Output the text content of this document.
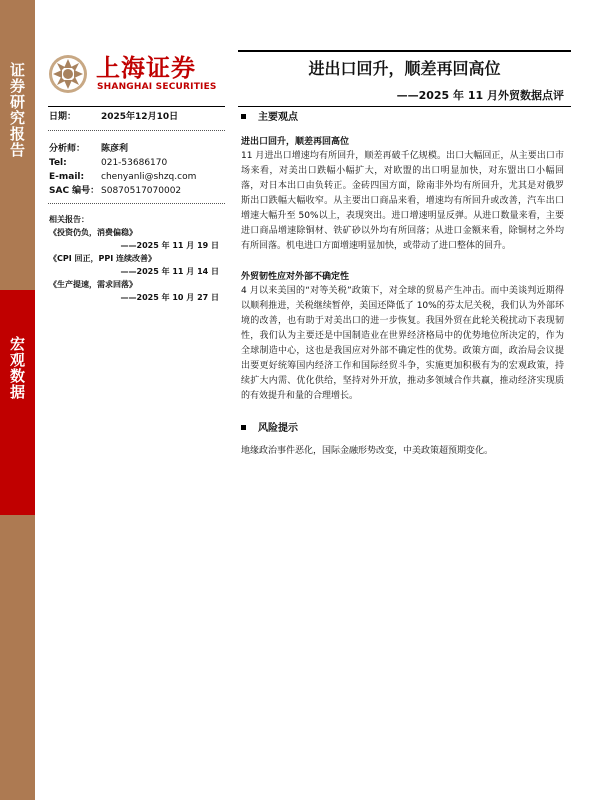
证券研究报告
宏观数据
上海证券
SHANGHAI SECURITIES
进出口回升，顺差再回高位
——2025 年 11 月外贸数据点评
日期：	2025年12月10日
分析师： 陈彦利
Tel:	021-53686170
E-mail: chenyanli@shzq.com
SAC 编号： S0870517070002
相关报告：
《投资仍负，消费偏稳》
——2025 年 11 月 19 日
《CPI 回正，PPI 连续改善》
——2025 年 11 月 14 日
《生产提速，需求回落》
——2025 年 10 月 27 日
主要观点
进出口回升，顺差再回高位
11 月进出口增速均有所回升，顺差再破千亿规模。出口大幅回正，从主要出口市场来看，对美出口跌幅小幅扩大，对欧盟的出口明显加快，对东盟出口小幅回落，对日本出口由负转正。金砖四国方面，除南非外均有所回升，尤其是对俄罗斯出口跌幅大幅收窄。从主要出口商品来看，增速均有所回升或改善，汽车出口增速大幅升至 50%以上，表现突出。进口增速明显反弹。从进口数量来看，主要进口商品增速除铜材、铁矿砂以外均有所回落；从进口金额来看，除铜材之外均有所回落。机电进口方面增速明显加快，或带动了进口整体的回升。
外贸韧性应对外部不确定性
4 月以来美国的“对等关税”政策下，对全球的贸易产生冲击。而中美谈判近期得以顺利推进，关税继续暂停，美国还降低了 10%的芬太尼关税，我们认为外部环境的改善，也有助于对美出口的进一步恢复。我国外贸在此轮关税扰动下表现韧性，我们认为主要还是中国制造业在世界经济格局中的优势地位所决定的，作为全球制造中心，这也是我国应对外部不确定性的优势。政策方面，政治局会议提出要更好统筹国内经济工作和国际经贸斗争，实施更加积极有为的宏观政策，持续扩大内需、优化供给，坚持对外开放，推动多领域合作共赢，推动经济实现质的有效提升和量的合理增长。
风险提示
地缘政治事件恶化，国际金融形势改变，中美政策超预期变化。
